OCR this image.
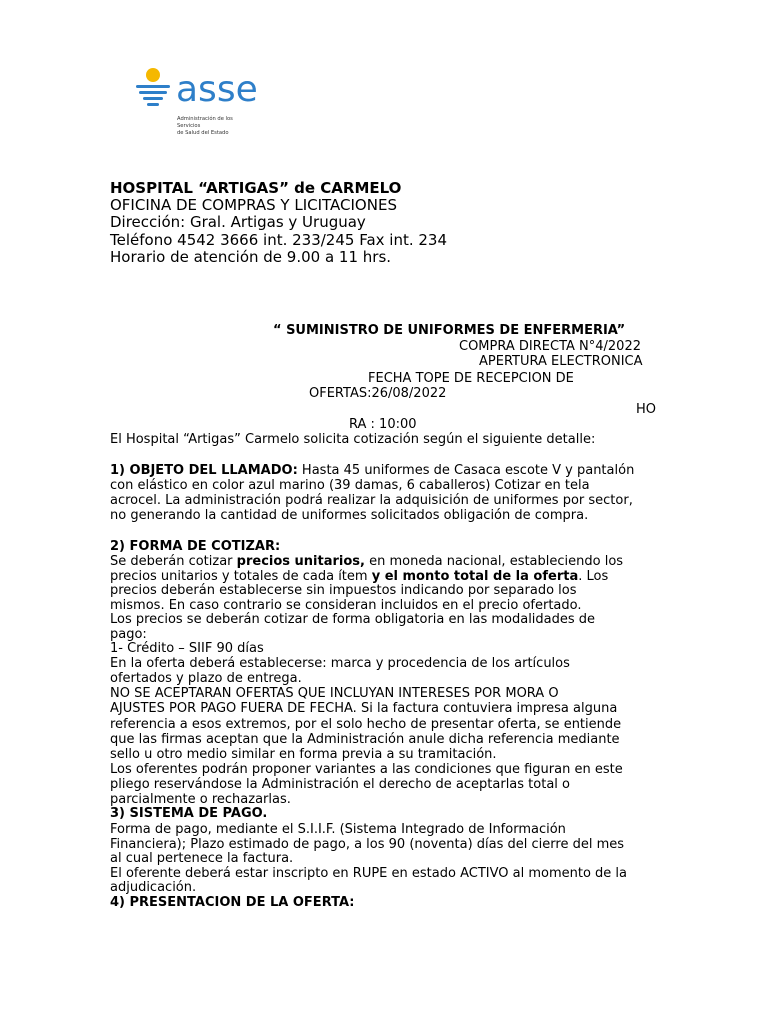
asse
Administración de los Servicios
de Salud del Estado
HOSPITAL “ARTIGAS” de CARMELO
OFICINA DE COMPRAS Y LICITACIONES
Dirección: Gral. Artigas y Uruguay
Teléfono 4542 3666 int. 233/245 Fax int. 234
Horario de atención de 9.00 a 11 hrs.
“ SUMINISTRO DE UNIFORMES DE ENFERMERIA”
COMPRA DIRECTA N°4/2022
APERTURA ELECTRONICA
FECHA TOPE DE RECEPCION DE
OFERTAS:26/08/2022
HO
RA : 10:00
El Hospital “Artigas” Carmelo solicita cotización según el siguiente detalle:
1) OBJETO DEL LLAMADO: Hasta 45 uniformes de Casaca escote V y pantalón
con elástico en color azul marino (39 damas, 6 caballeros) Cotizar en tela
acrocel. La administración podrá realizar la adquisición de uniformes por sector,
no generando la cantidad de uniformes solicitados obligación de compra.
2) FORMA DE COTIZAR:
Se deberán cotizar precios unitarios, en moneda nacional, estableciendo los
precios unitarios y totales de cada ítem y el monto total de la oferta. Los
precios deberán establecerse sin impuestos indicando por separado los
mismos. En caso contrario se consideran incluidos en el precio ofertado.
Los precios se deberán cotizar de forma obligatoria en las modalidades de
pago:
1- Crédito – SIIF 90 días
En la oferta deberá establecerse: marca y procedencia de los artículos
ofertados y plazo de entrega.
NO SE ACEPTARAN OFERTAS QUE INCLUYAN INTERESES POR MORA O
AJUSTES POR PAGO FUERA DE FECHA. Si la factura contuviera impresa alguna
referencia a esos extremos, por el solo hecho de presentar oferta, se entiende
que las firmas aceptan que la Administración anule dicha referencia mediante
sello u otro medio similar en forma previa a su tramitación.
Los oferentes podrán proponer variantes a las condiciones que figuran en este
pliego reservándose la Administración el derecho de aceptarlas total o
parcialmente o rechazarlas.
3) SISTEMA DE PAGO.
Forma de pago, mediante el S.I.I.F. (Sistema Integrado de Información
Financiera); Plazo estimado de pago, a los 90 (noventa) días del cierre del mes
al cual pertenece la factura.
El oferente deberá estar inscripto en RUPE en estado ACTIVO al momento de la
adjudicación.
4) PRESENTACION DE LA OFERTA:
